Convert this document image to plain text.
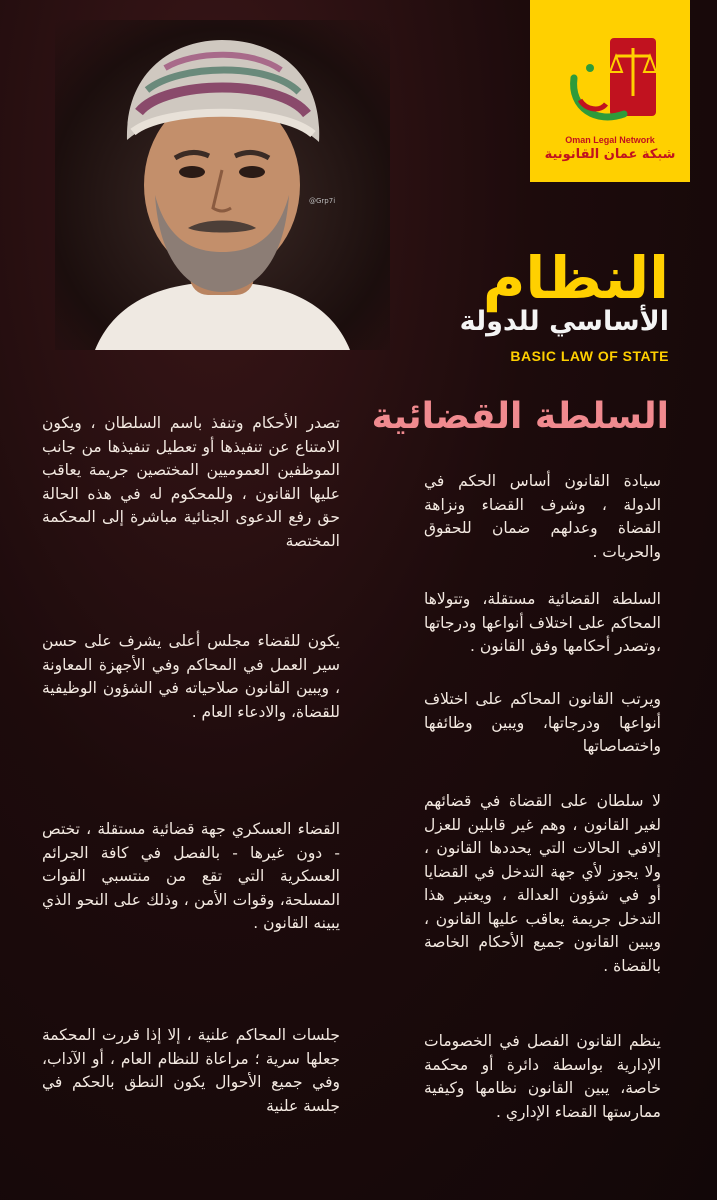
@Grp7i
Oman Legal Network
شبكة عمان القانونية
النظام
الأساسي للدولة
BASIC LAW OF STATE
السلطة القضائية

تصدر الأحكام وتنفذ باسم السلطان ، ويكون الامتناع عن تنفيذها أو تعطيل تنفيذها من جانب الموظفين العموميين المختصين جريمة يعاقب عليها القانون ، وللمحكوم له في هذه الحالة حق رفع الدعوى الجنائية مباشرة إلى المحكمة المختصة

يكون للقضاء مجلس أعلى يشرف على حسن سير العمل في المحاكم وفي الأجهزة المعاونة ، ويبين القانون صلاحياته في الشؤون الوظيفية للقضاة، والادعاء العام .

القضاء العسكري جهة قضائية مستقلة ، تختص - دون غيرها - بالفصل في كافة الجرائم العسكرية التي تقع من منتسبي القوات المسلحة، وقوات الأمن ، وذلك على النحو الذي يبينه القانون .

جلسات المحاكم علنية ، إلا إذا قررت المحكمة جعلها سرية ؛ مراعاة للنظام العام ، أو الآداب، وفي جميع الأحوال يكون النطق بالحكم في جلسة علنية

سيادة القانون أساس الحكم في الدولة ، وشرف القضاء ونزاهة القضاة وعدلهم ضمان للحقوق والحريات .

السلطة القضائية مستقلة، وتتولاها المحاكم على اختلاف أنواعها ودرجاتها ،وتصدر أحكامها وفق القانون .

ويرتب القانون المحاكم على اختلاف أنواعها ودرجاتها، ويبين وظائفها واختصاصاتها

لا سلطان على القضاة في قضائهم لغير القانون ، وهم غير قابلين للعزل إلافي الحالات التي يحددها القانون ، ولا يجوز لأي جهة التدخل في القضايا أو في شؤون العدالة ، ويعتبر هذا التدخل جريمة يعاقب عليها القانون ، ويبين القانون جميع الأحكام الخاصة بالقضاة .

ينظم القانون الفصل في الخصومات الإدارية بواسطة دائرة أو محكمة خاصة، يبين القانون نظامها وكيفية ممارستها القضاء الإداري .
